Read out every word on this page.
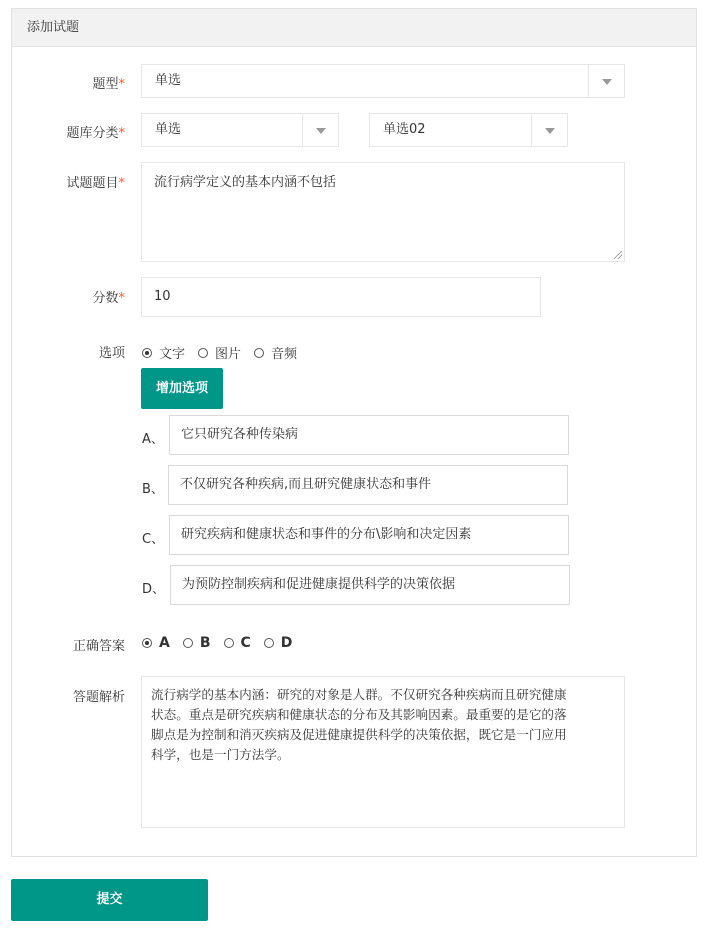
添加试题
题型* 单选
题库分类* 单选	单选02
试题题目*	流行病学定义的基本内涵不包括
分数* 10
选项	文字 图片 音频
增加选项
A、 它只研究各种传染病
B、 不仅研究各种疾病,而且研究健康状态和事件
C、 研究疾病和健康状态和事件的分布\影响和决定因素
D、 为预防控制疾病和促进健康提供科学的决策依据
正确答案 A B C D
答题解析 流行病学的基本内涵：研究的对象是人群。不仅研究各种疾病而且研究健康
状态。重点是研究疾病和健康状态的分布及其影响因素。最重要的是它的落
脚点是为控制和消灭疾病及促进健康提供科学的决策依据，既它是一门应用
科学，也是一门方法学。
提交
